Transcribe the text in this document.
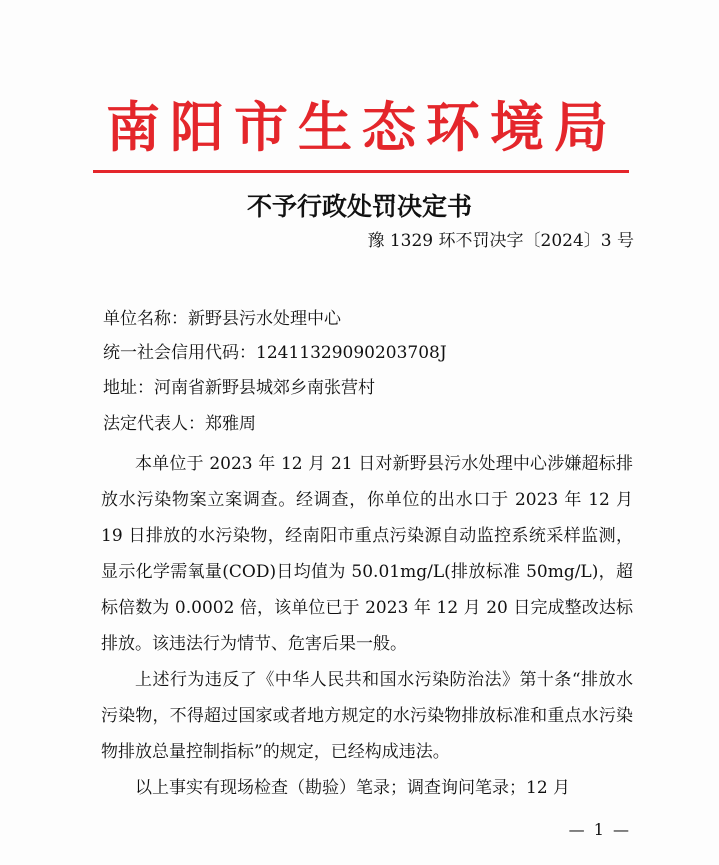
南阳市生态环境局
不予行政处罚决定书
豫 1329 环不罚决字〔2024〕3 号
单位名称：新野县污水处理中心
统一社会信用代码：12411329090203708J
地址：河南省新野县城郊乡南张营村
法定代表人：郑雅周

本单位于 2023 年 12 月 21 日对新野县污水处理中心涉嫌超标排放水污染物案立案调查。经调查，你单位的出水口于 2023 年 12 月 19 日排放的水污染物，经南阳市重点污染源自动监控系统采样监测，显示化学需氧量(COD)日均值为 50.01mg/L(排放标准 50mg/L)，超标倍数为 0.0002 倍，该单位已于 2023 年 12 月 20 日完成整改达标排放。该违法行为情节、危害后果一般。

上述行为违反了《中华人民共和国水污染防治法》第十条“排放水污染物，不得超过国家或者地方规定的水污染物排放标准和重点水污染物排放总量控制指标”的规定，已经构成违法。

以上事实有现场检查（勘验）笔录；调查询问笔录；12 月

— 1 —
